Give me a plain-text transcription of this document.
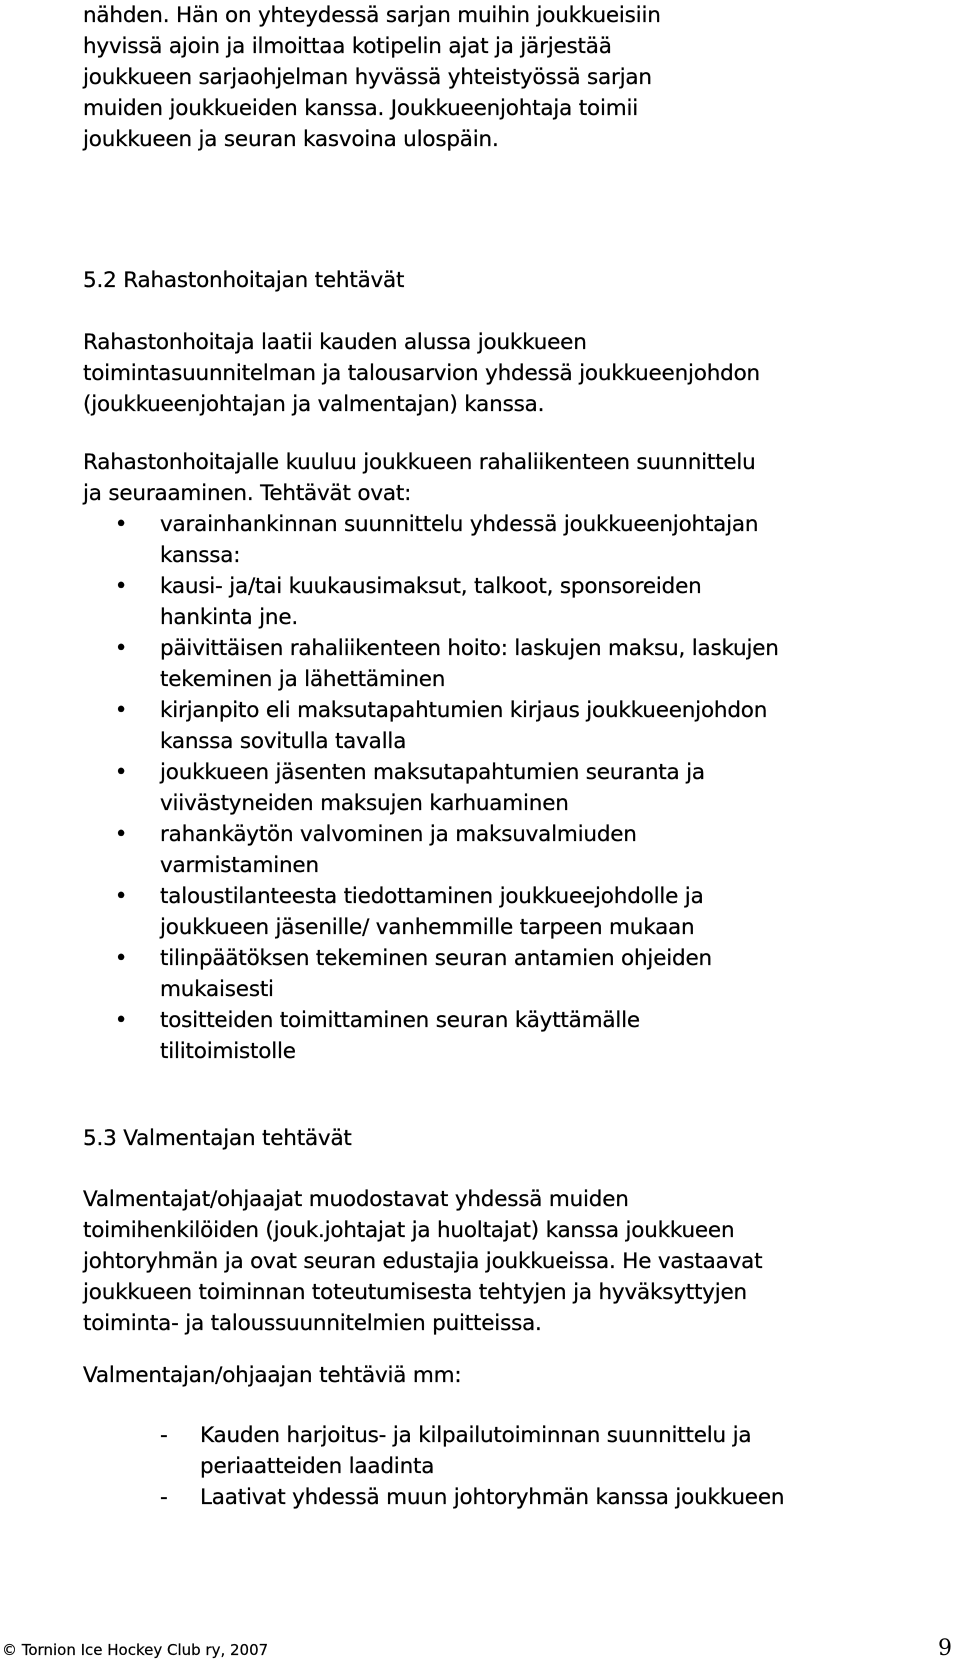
nähden. Hän on yhteydessä sarjan muihin joukkueisiin
hyvissä ajoin ja ilmoittaa kotipelin ajat ja järjestää
joukkueen sarjaohjelman hyvässä yhteistyössä sarjan
muiden joukkueiden kanssa. Joukkueenjohtaja toimii
joukkueen ja seuran kasvoina ulospäin.

5.2 Rahastonhoitajan tehtävät

Rahastonhoitaja laatii kauden alussa joukkueen
toimintasuunnitelman ja talousarvion yhdessä joukkueenjohdon
(joukkueenjohtajan ja valmentajan) kanssa.

Rahastonhoitajalle kuuluu joukkueen rahaliikenteen suunnittelu
ja seuraaminen. Tehtävät ovat:

• varainhankinnan suunnittelu yhdessä joukkueenjohtajan
kanssa:
• kausi- ja/tai kuukausimaksut, talkoot, sponsoreiden
hankinta jne.
• päivittäisen rahaliikenteen hoito: laskujen maksu, laskujen
tekeminen ja lähettäminen
• kirjanpito eli maksutapahtumien kirjaus joukkueenjohdon
kanssa sovitulla tavalla
• joukkueen jäsenten maksutapahtumien seuranta ja
viivästyneiden maksujen karhuaminen
• rahankäytön valvominen ja maksuvalmiuden
varmistaminen
• taloustilanteesta tiedottaminen joukkueejohdolle ja
joukkueen jäsenille/ vanhemmille tarpeen mukaan
• tilinpäätöksen tekeminen seuran antamien ohjeiden
mukaisesti
• tositteiden toimittaminen seuran käyttämälle
tilitoimistolle
5.3 Valmentajan tehtävät

Valmentajat/ohjaajat muodostavat yhdessä muiden
toimihenkilöiden (jouk.johtajat ja huoltajat) kanssa joukkueen
johtoryhmän ja ovat seuran edustajia joukkueissa. He vastaavat
joukkueen toiminnan toteutumisesta tehtyjen ja hyväksyttyjen
toiminta- ja taloussuunnitelmien puitteissa.

Valmentajan/ohjaajan tehtäviä mm:

- Kauden harjoitus- ja kilpailutoiminnan suunnittelu ja
periaatteiden laadinta
- Laativat yhdessä muun johtoryhmän kanssa joukkueen
© Tornion Ice Hockey Club ry, 2007	9
